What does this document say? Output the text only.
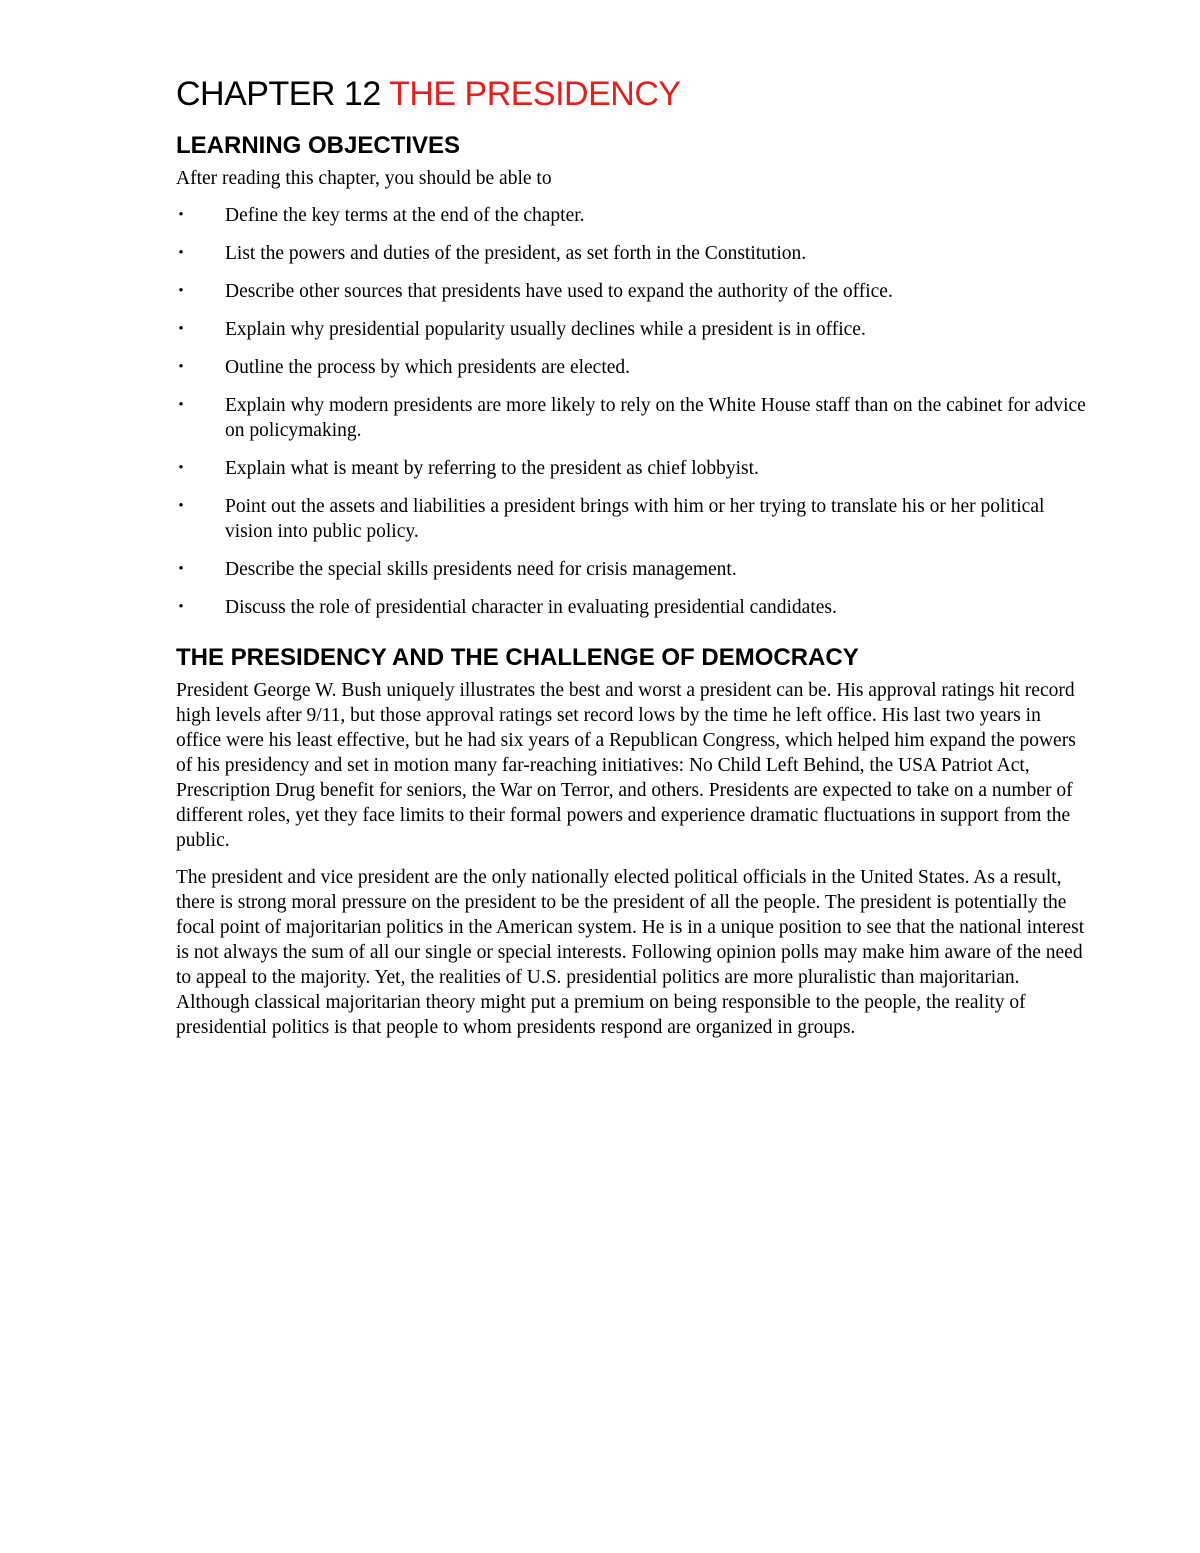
CHAPTER 12 THE PRESIDENCY
LEARNING OBJECTIVES

After reading this chapter, you should be able to

• Define the key terms at the end of the chapter.
• List the powers and duties of the president, as set forth in the Constitution.
• Describe other sources that presidents have used to expand the authority of the office.
• Explain why presidential popularity usually declines while a president is in office.
• Outline the process by which presidents are elected.
• Explain why modern presidents are more likely to rely on the White House staff than on the cabinet for advice on policymaking.
• Explain what is meant by referring to the president as chief lobbyist.
• Point out the assets and liabilities a president brings with him or her trying to translate his or her political vision into public policy.
• Describe the special skills presidents need for crisis management.
• Discuss the role of presidential character in evaluating presidential candidates.
THE PRESIDENCY AND THE CHALLENGE OF DEMOCRACY

President George W. Bush uniquely illustrates the best and worst a president can be. His approval ratings hit record high levels after 9/11, but those approval ratings set record lows by the time he left office. His last two years in office were his least effective, but he had six years of a Republican Congress, which helped him expand the powers of his presidency and set in motion many far-reaching initiatives: No Child Left Behind, the USA Patriot Act, Prescription Drug benefit for seniors, the War on Terror, and others. Presidents are expected to take on a number of different roles, yet they face limits to their formal powers and experience dramatic fluctuations in support from the public.

The president and vice president are the only nationally elected political officials in the United States. As a result, there is strong moral pressure on the president to be the president of all the people. The president is potentially the focal point of majoritarian politics in the American system. He is in a unique position to see that the national interest is not always the sum of all our single or special interests. Following opinion polls may make him aware of the need to appeal to the majority. Yet, the realities of U.S. presidential politics are more pluralistic than majoritarian. Although classical majoritarian theory might put a premium on being responsible to the people, the reality of presidential politics is that people to whom presidents respond are organized in groups.
